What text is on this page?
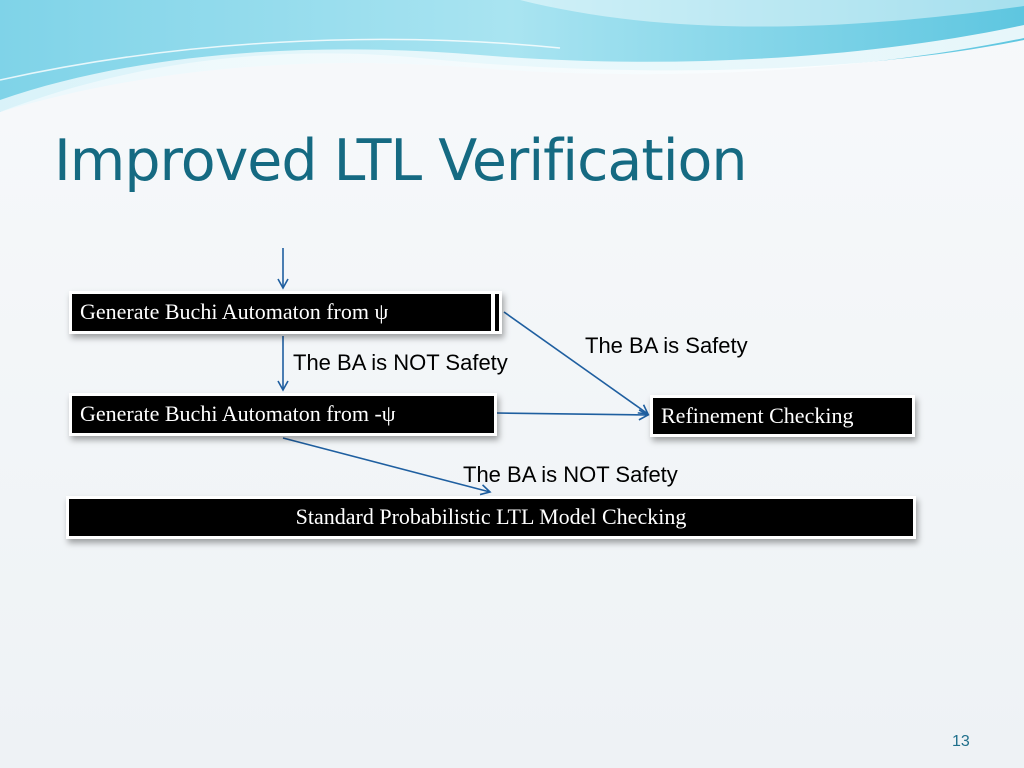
Improved LTL Verification
Generate Buchi Automaton from ψ
Generate Buchi Automaton from -ψ	Refinement Checking
Standard Probabilistic LTL Model Checking
The BA is NOT Safety
The BA is Safety
The BA is NOT Safety
13
